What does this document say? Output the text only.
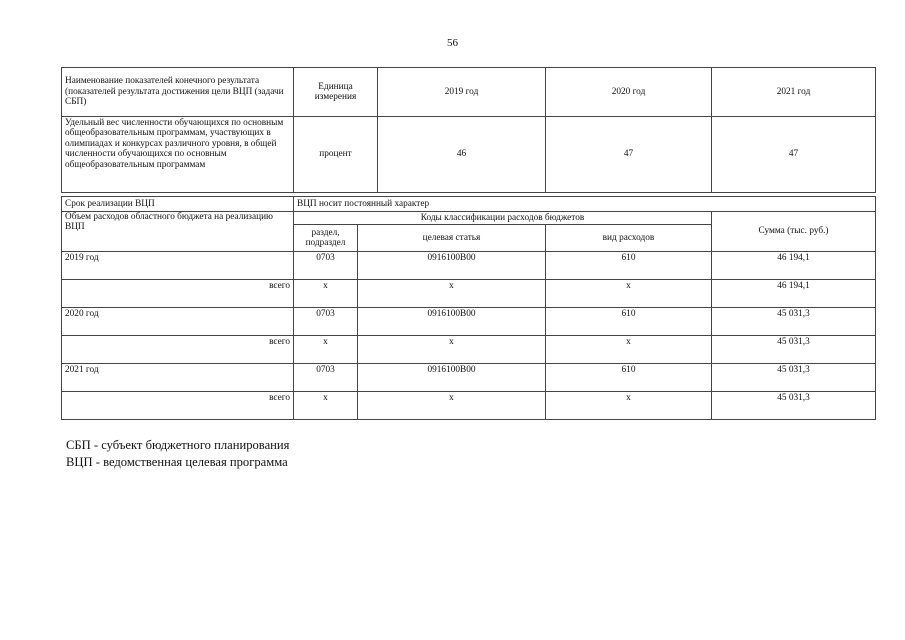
56
Наименование показателей конечного результата (показателей результата достижения цели ВЦП (задачи СБП)	Единица измерения	2019 год	2020 год	2021 год
Удельный вес численности обучающихся по основным общеобразовательным программам, участвующих в олимпиадах и конкурсах различного уровня, в общей численности обучающихся по основным общеобразовательным программам	процент	46	47	47
Срок реализации ВЦП	ВЦП носит постоянный характер			
Объем расходов областного бюджета на реализацию ВЦП	Коды классификации расходов бюджетов			Сумма (тыс. руб.)
	раздел, подраздел	целевая статья	вид расходов	
2019 год	0703	0916100В00	610	46 194,1
всего	х	х	х	46 194,1
2020 год	0703	0916100В00	610	45 031,3
всего	х	х	х	45 031,3
2021 год	0703	0916100В00	610	45 031,3
всего	х	х	х	45 031,3
СБП - субъект бюджетного планирования
ВЦП - ведомственная целевая программа
